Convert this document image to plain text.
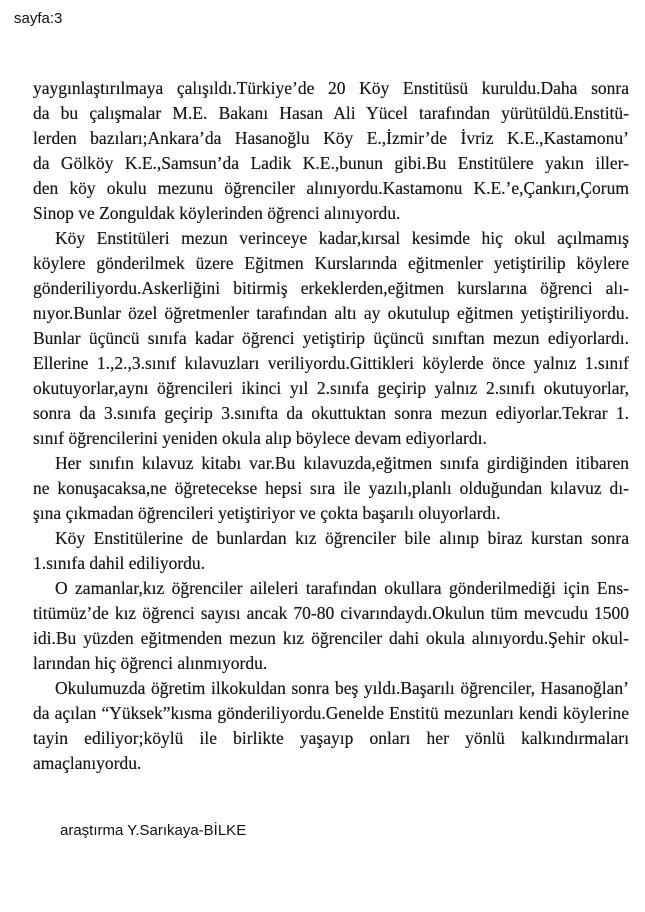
sayfa:3
yaygınlaştırılmaya çalışıldı.Türkiye’de 20 Köy Enstitüsü kuruldu.Daha sonra
da bu çalışmalar M.E. Bakanı Hasan Ali Yücel tarafından yürütüldü.Enstitü-
lerden bazıları;Ankara’da Hasanoğlu Köy E.,İzmir’de İvriz K.E.,Kastamonu’
da Gölköy K.E.,Samsun’da Ladik K.E.,bunun gibi.Bu Enstitülere yakın iller-
den köy okulu mezunu öğrenciler alınıyordu.Kastamonu K.E.’e,Çankırı,Çorum
Sinop ve Zonguldak köylerinden öğrenci alınıyordu.
Köy Enstitüleri mezun verinceye kadar,kırsal kesimde hiç okul açılmamış
köylere gönderilmek üzere Eğitmen Kurslarında eğitmenler yetiştirilip köylere
gönderiliyordu.Askerliğini bitirmiş erkeklerden,eğitmen kurslarına öğrenci alı-
nıyor.Bunlar özel öğretmenler tarafından altı ay okutulup eğitmen yetiştiriliyordu.
Bunlar üçüncü sınıfa kadar öğrenci yetiştirip üçüncü sınıftan mezun ediyorlardı.
Ellerine 1.,2.,3.sınıf kılavuzları veriliyordu.Gittikleri köylerde önce yalnız 1.sınıf
okutuyorlar,aynı öğrencileri ikinci yıl 2.sınıfa geçirip yalnız 2.sınıfı okutuyorlar,
sonra da 3.sınıfa geçirip 3.sınıfta da okuttuktan sonra mezun ediyorlar.Tekrar 1.
sınıf öğrencilerini yeniden okula alıp böylece devam ediyorlardı.
Her sınıfın kılavuz kitabı var.Bu kılavuzda,eğitmen sınıfa girdiğinden itibaren
ne konuşacaksa,ne öğretecekse hepsi sıra ile yazılı,planlı olduğundan kılavuz dı-
şına çıkmadan öğrencileri yetiştiriyor ve çokta başarılı oluyorlardı.
Köy Enstitülerine de bunlardan kız öğrenciler bile alınıp biraz kurstan sonra
1.sınıfa dahil ediliyordu.
O zamanlar,kız öğrenciler aileleri tarafından okullara gönderilmediği için Ens-
titümüz’de kız öğrenci sayısı ancak 70-80 civarındaydı.Okulun tüm mevcudu 1500
idi.Bu yüzden eğitmenden mezun kız öğrenciler dahi okula alınıyordu.Şehir okul-
larından hiç öğrenci alınmıyordu.
Okulumuzda öğretim ilkokuldan sonra beş yıldı.Başarılı öğrenciler, Hasanoğlan’
da açılan “Yüksek”kısma gönderiliyordu.Genelde Enstitü mezunları kendi köylerine
tayin ediliyor;köylü ile birlikte yaşayıp onları her yönlü kalkındırmaları amaçlanıyordu.
araştırma Y.Sarıkaya-BİLKE
